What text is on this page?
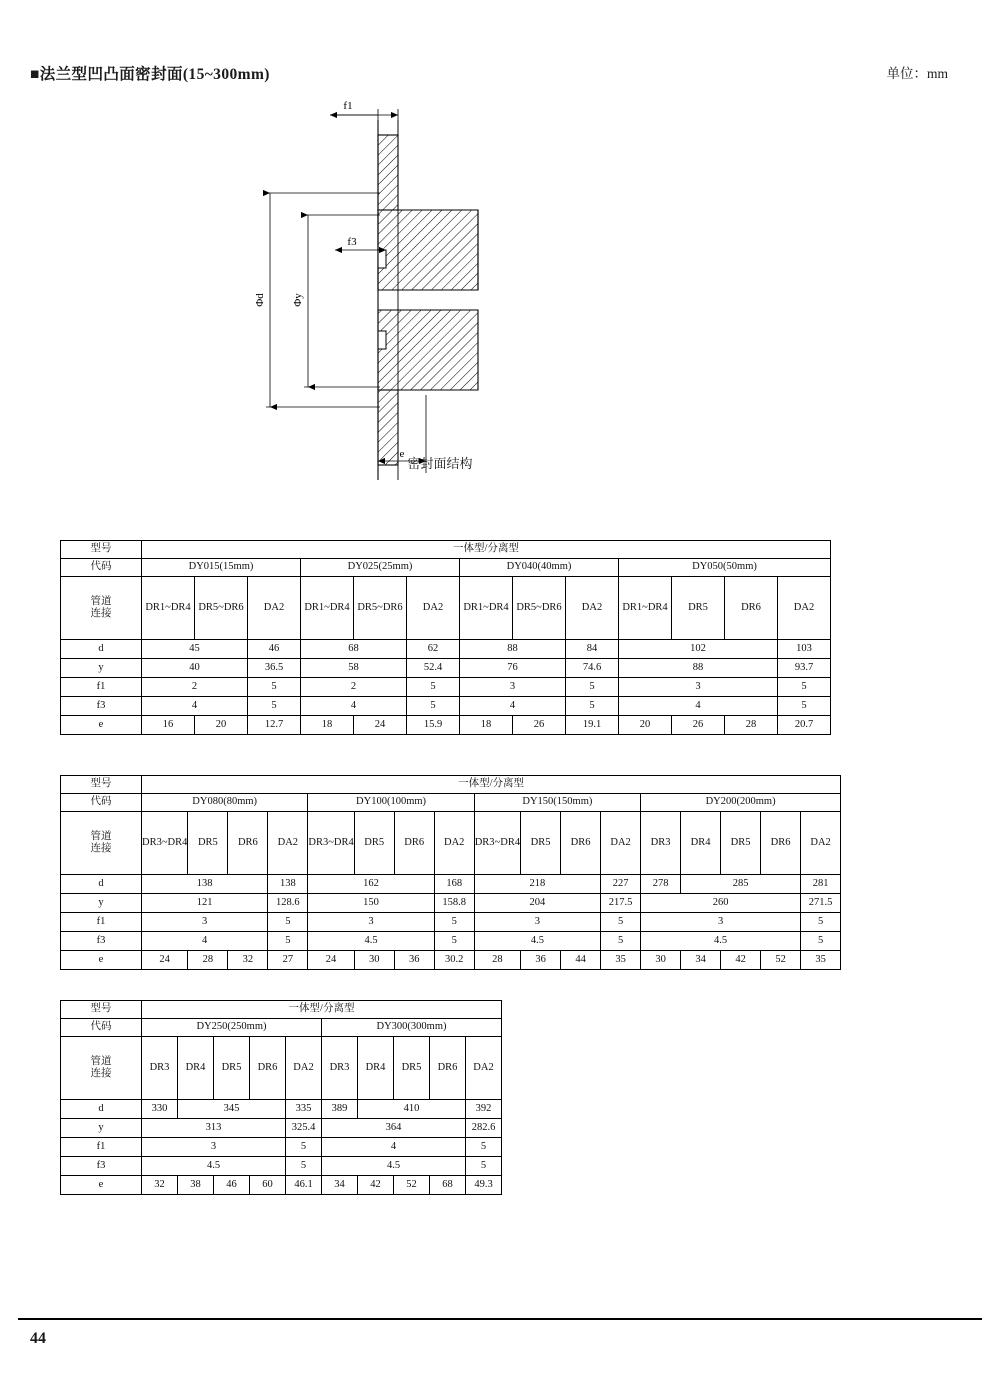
■法兰型凹凸面密封面(15~300mm)	单位：mm
f1
f3
Φd Φy
e
密封面结构
型号	一体型/分离型												
代码	DY015(15mm)			DY025(25mm)			DY040(40mm)			DY050(50mm)			
管道
连接	DR1~DR4	DR5~DR6	DA2	DR1~DR4	DR5~DR6	DA2	DR1~DR4	DR5~DR6	DA2	DR1~DR4	DR5	DR6	DA2
d	45		46	68		62	88		84	102			103
y	40		36.5	58		52.4	76		74.6	88			93.7
f1	2		5	2		5	3		5	3			5
f3	4		5	4		5	4		5	4			5
e	16	20	12.7	18	24	15.9	18	26	19.1	20	26	28	20.7
型号	一体型/分离型																
代码	DY080(80mm)				DY100(100mm)				DY150(150mm)				DY200(200mm)				
管道
连接	DR3~DR4	DR5	DR6	DA2	DR3~DR4	DR5	DR6	DA2	DR3~DR4	DR5	DR6	DA2	DR3	DR4	DR5	DR6	DA2
d	138			138	162			168	218			227	278	285			281
y	121			128.6	150			158.8	204			217.5	260				271.5
f1	3			5	3			5	3			5	3				5
f3	4			5	4.5			5	4.5			5	4.5				5
e	24	28	32	27	24	30	36	30.2	28	36	44	35	30	34	42	52	35
型号	一体型/分离型									
代码	DY250(250mm)					DY300(300mm)				
管道
连接	DR3	DR4	DR5	DR6	DA2	DR3	DR4	DR5	DR6	DA2
d	330	345			335	389	410			392
y	313				325.4	364				282.6
f1	3				5	4				5
f3	4.5				5	4.5				5
e	32	38	46	60	46.1	34	42	52	68	49.3
44
